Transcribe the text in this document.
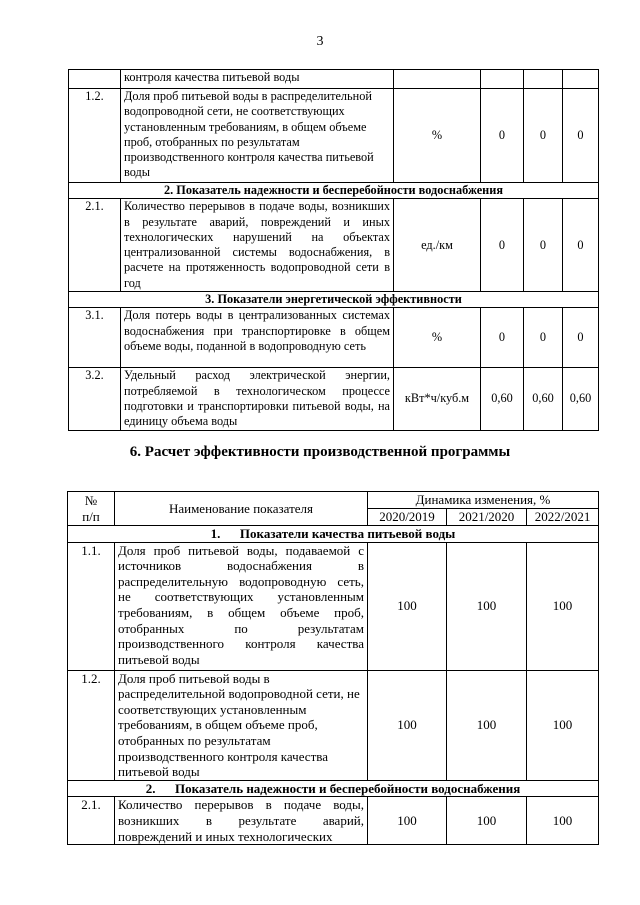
3
	контроля качества питьевой воды				
1.2.	Доля проб питьевой воды в распределительной водопроводной сети, не соответствующих установленным требованиям, в общем объеме проб, отобранных по результатам производственного контроля качества питьевой воды	%	0	0	0
2. Показатель надежности и бесперебойности водоснабжения					
2.1.	Количество перерывов в подаче воды, возникших в результате аварий, повреждений и иных технологических нарушений на объектах централизованной системы водоснабжения, в расчете на протяженность водопроводной сети в год	ед./км	0	0	0
3. Показатели энергетической эффективности					
3.1.	Доля потерь воды в централизованных системах водоснабжения при транспортировке в общем объеме воды, поданной в водопроводную сеть	%	0	0	0
3.2.	Удельный расход электрической энергии, потребляемой в технологическом процессе подготовки и транспортировки питьевой воды, на единицу объема воды	кВт*ч/куб.м	0,60	0,60	0,60
6. Расчет эффективности производственной программы
№
п/п	Наименование показателя	Динамика изменения, %		
		2020/2019	2021/2020	2022/2021
1. Показатели качества питьевой воды				
1.1.	Доля проб питьевой воды, подаваемой с источников водоснабжения в распределительную водопроводную сеть, не соответствующих установленным требованиям, в общем объеме проб, отобранных по результатам производственного контроля качества питьевой воды	100	100	100
1.2.	Доля проб питьевой воды в распределительной водопроводной сети, не соответствующих установленным требованиям, в общем объеме проб, отобранных по результатам производственного контроля качества питьевой воды	100	100	100
2. Показатель надежности и бесперебойности водоснабжения				
2.1.	Количество перерывов в подаче воды, возникших в результате аварий, повреждений и иных технологических	100	100	100
